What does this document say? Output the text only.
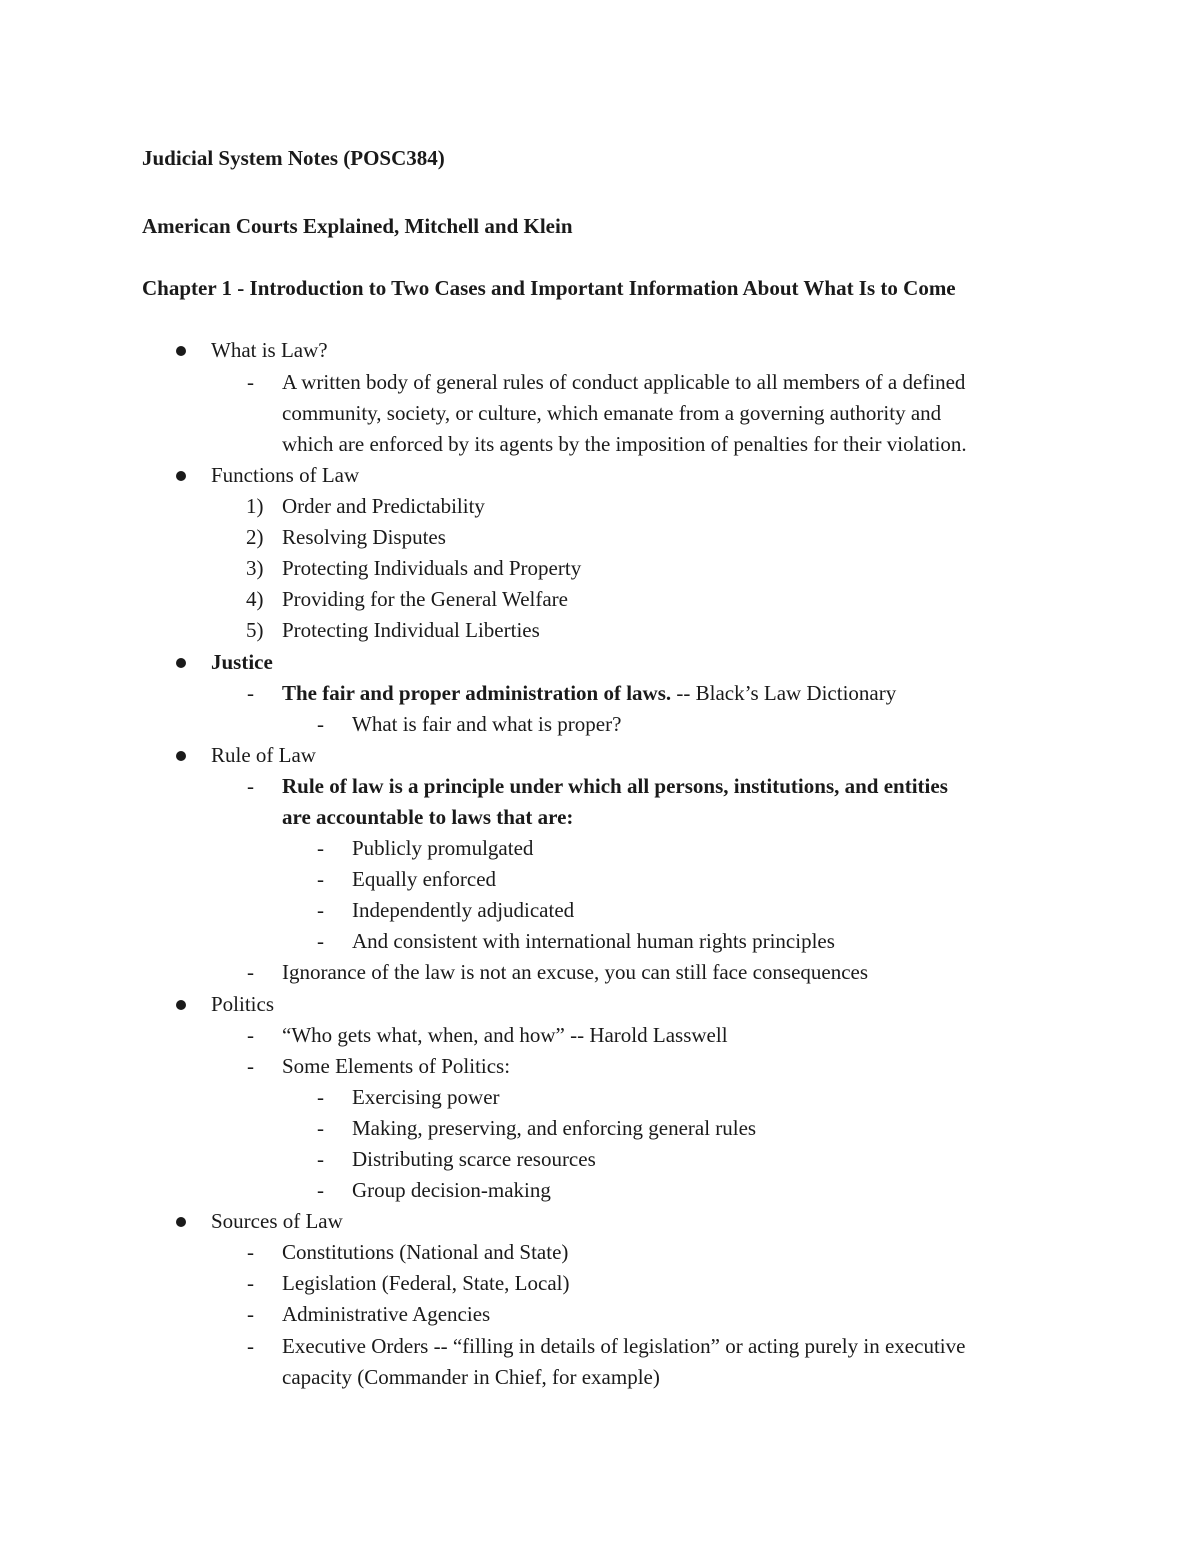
Judicial System Notes (POSC384)
American Courts Explained, Mitchell and Klein
Chapter 1 - Introduction to Two Cases and Important Information About What Is to Come
What is Law?
- A written body of general rules of conduct applicable to all members of a defined
community, society, or culture, which emanate from a governing authority and
which are enforced by its agents by the imposition of penalties for their violation.
Functions of Law
1) Order and Predictability
2) Resolving Disputes
3) Protecting Individuals and Property
4) Providing for the General Welfare
5) Protecting Individual Liberties
Justice
- The fair and proper administration of laws. -- Black’s Law Dictionary
- What is fair and what is proper?
Rule of Law
- Rule of law is a principle under which all persons, institutions, and entities
are accountable to laws that are:
- Publicly promulgated
- Equally enforced
- Independently adjudicated
- And consistent with international human rights principles
- Ignorance of the law is not an excuse, you can still face consequences
Politics
- “Who gets what, when, and how” -- Harold Lasswell
- Some Elements of Politics:
- Exercising power
- Making, preserving, and enforcing general rules
- Distributing scarce resources
- Group decision-making
Sources of Law
- Constitutions (National and State)
- Legislation (Federal, State, Local)
- Administrative Agencies
- Executive Orders -- “filling in details of legislation” or acting purely in executive
capacity (Commander in Chief, for example)
